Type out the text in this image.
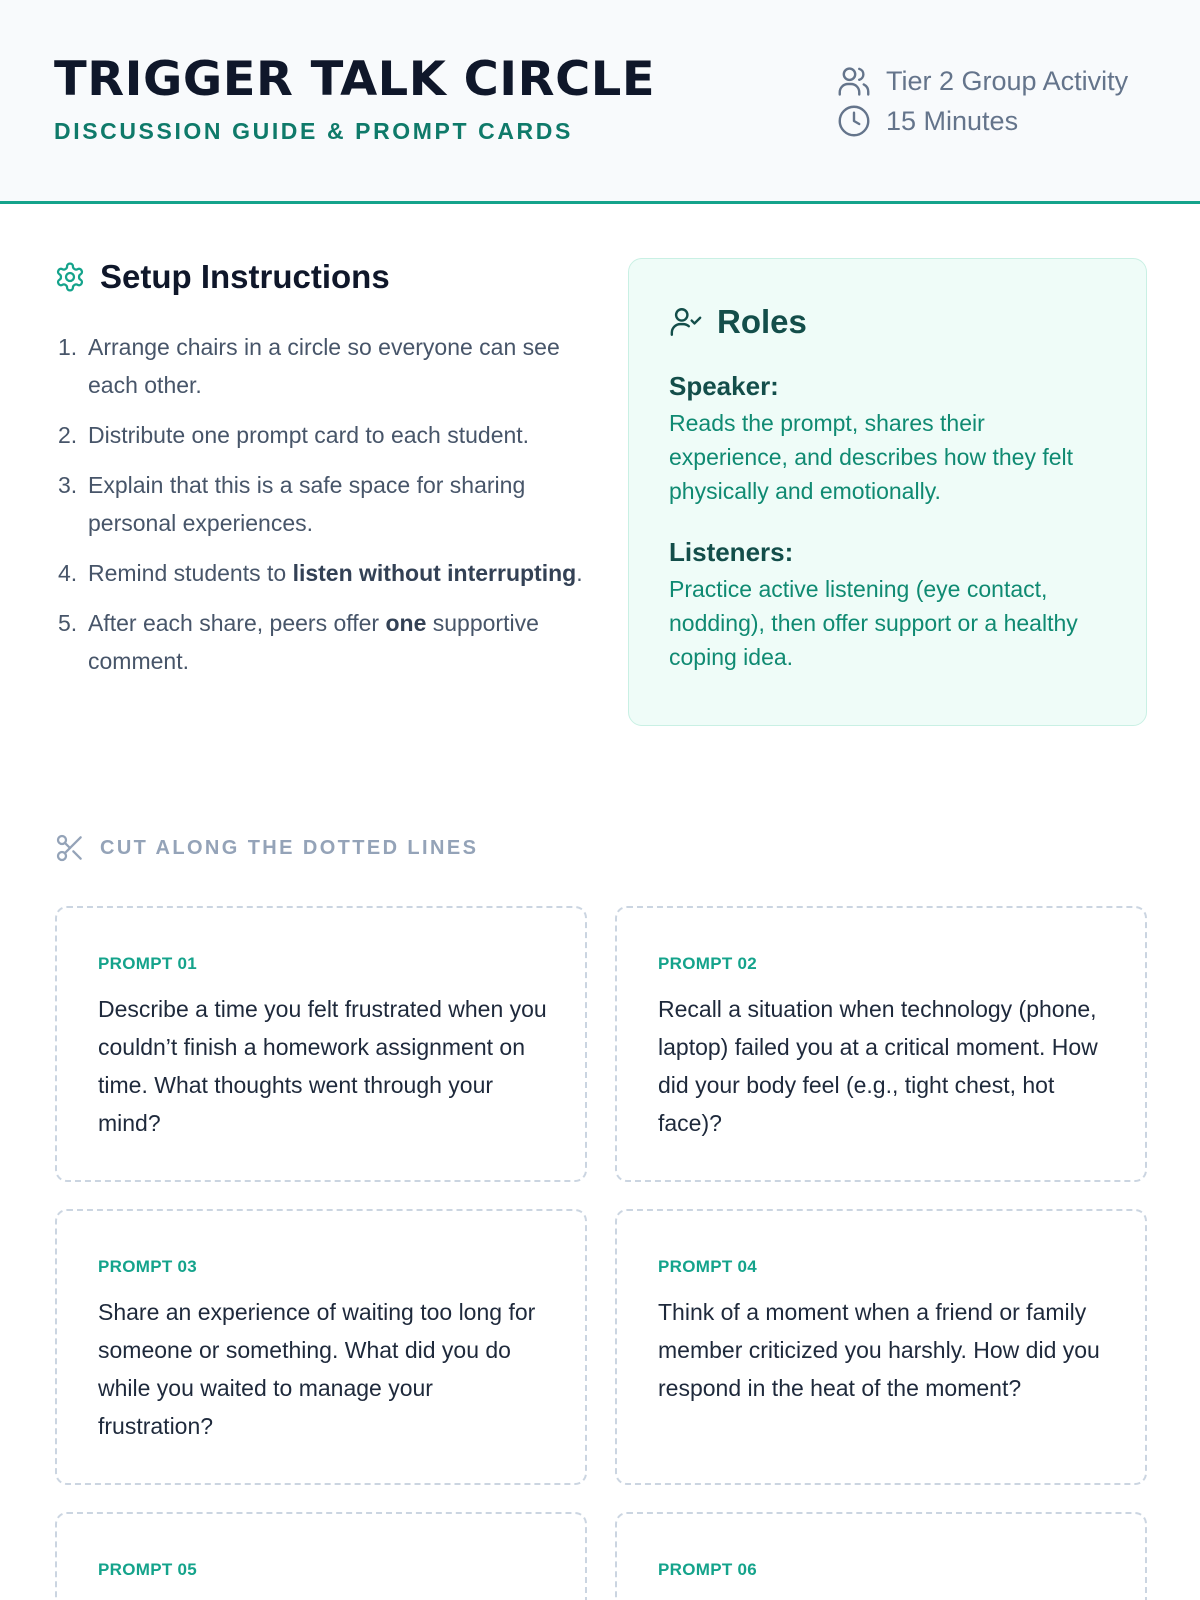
TRIGGER TALK CIRCLE
DISCUSSION GUIDE & PROMPT CARDS
Tier 2 Group Activity
15 Minutes
Setup Instructions
1. Arrange chairs in a circle so everyone can see each other.
2. Distribute one prompt card to each student.
3. Explain that this is a safe space for sharing personal experiences.
4. Remind students to listen without interrupting.
5. After each share, peers offer one supportive comment.
Roles
Speaker:
Reads the prompt, shares their experience, and describes how they felt physically and emotionally.
Listeners:
Practice active listening (eye contact, nodding), then offer support or a healthy coping idea.
CUT ALONG THE DOTTED LINES
PROMPT 01
Describe a time you felt frustrated when you couldn’t finish a homework assignment on time. What thoughts went through your mind?
PROMPT 02
Recall a situation when technology (phone, laptop) failed you at a critical moment. How did your body feel (e.g., tight chest, hot face)?
PROMPT 03
Share an experience of waiting too long for someone or something. What did you do while you waited to manage your frustration?
PROMPT 04
Think of a moment when a friend or family member criticized you harshly. How did you respond in the heat of the moment?
PROMPT 05	PROMPT 06
